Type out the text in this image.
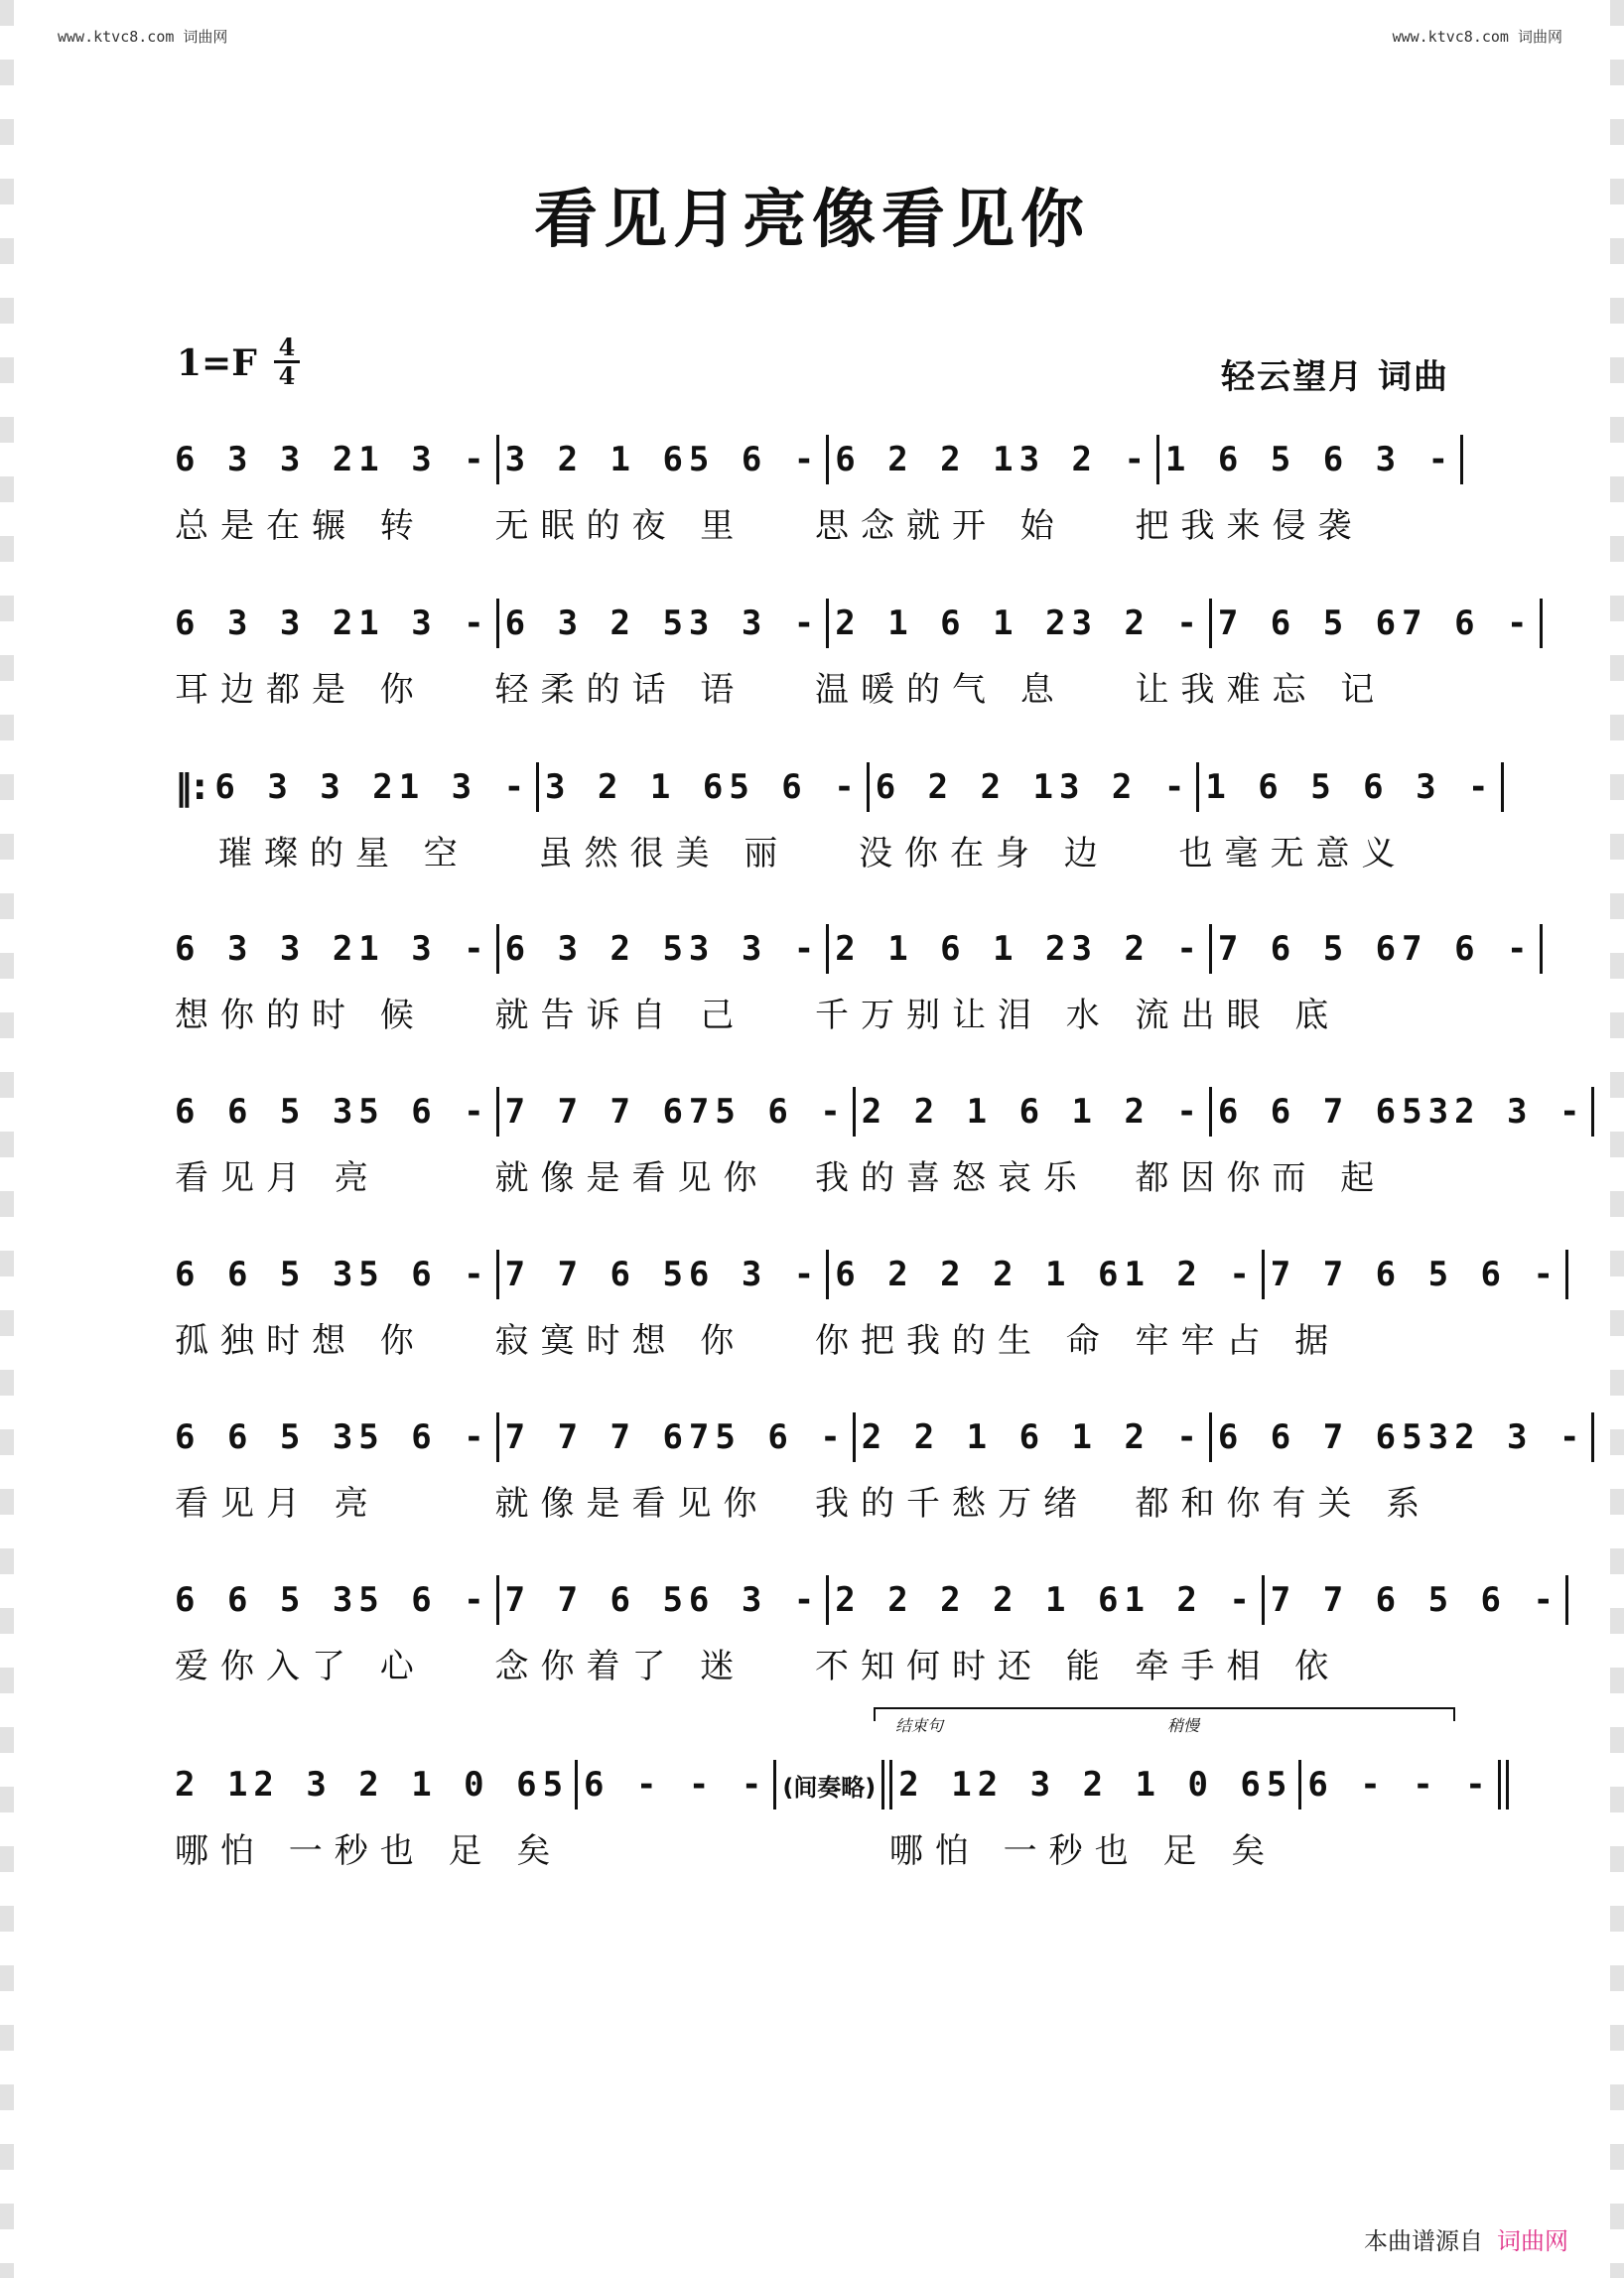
www.ktvc8.com 词曲网	www.ktvc8.com 词曲网
看见月亮像看见你
1=F 4
4	轻云望月 词曲
6 3 3 21 3 - 3 2 1 65 6 - 6 2 2 13 2 - 1 6 5 6 3 -
总是在辗 转	无眠的夜 里	思念就开 始	把我来侵袭
6 3 3 21 3 - 6 3 2 53 3 - 2 1 6 1 23 2 - 7 6 5 67 6 -
耳边都是 你	轻柔的话 语	温暖的气 息	让我难忘 记
‖: 6 3 3 21 3 - 3 2 1 65 6 - 6 2 2 13 2 - 1 6 5 6 3 -
璀璨的星 空	虽然很美 丽	没你在身 边	也毫无意义
6 3 3 21 3 - 6 3 2 53 3 - 2 1 6 1 23 2 - 7 6 5 67 6 -
想你的时 候	就告诉自 己	千万别让泪 水 流出眼 底
6 6 5 35 6 - 7 7 7 675 6 - 2 2 1 6 1 2 - 6 6 7 6532 3 -
看见月 亮	就像是看见你	我的喜怒哀乐	都因你而 起
6 6 5 35 6 - 7 7 6 56 3 - 6 2 2 2 1 61 2 - 7 7 6 5 6 -
孤独时想 你	寂寞时想 你	你把我的生 命 牢牢占 据
6 6 5 35 6 - 7 7 7 675 6 - 2 2 1 6 1 2 - 6 6 7 6532 3 -
看见月 亮	就像是看见你	我的千愁万绪	都和你有关 系
6 6 5 35 6 - 7 7 6 56 3 - 2 2 2 2 1 61 2 - 7 7 6 5 6 -
爱你入了 心	念你着了 迷	不知何时还 能 牵手相 依
结束句	稍慢
2 12 3 2 1 0 65 6 - - - (间奏略) 2 12 3 2 1 0 65 6 - - -
哪怕 一秒也 足 矣	哪怕 一秒也 足 矣
本曲谱源自 词曲网
